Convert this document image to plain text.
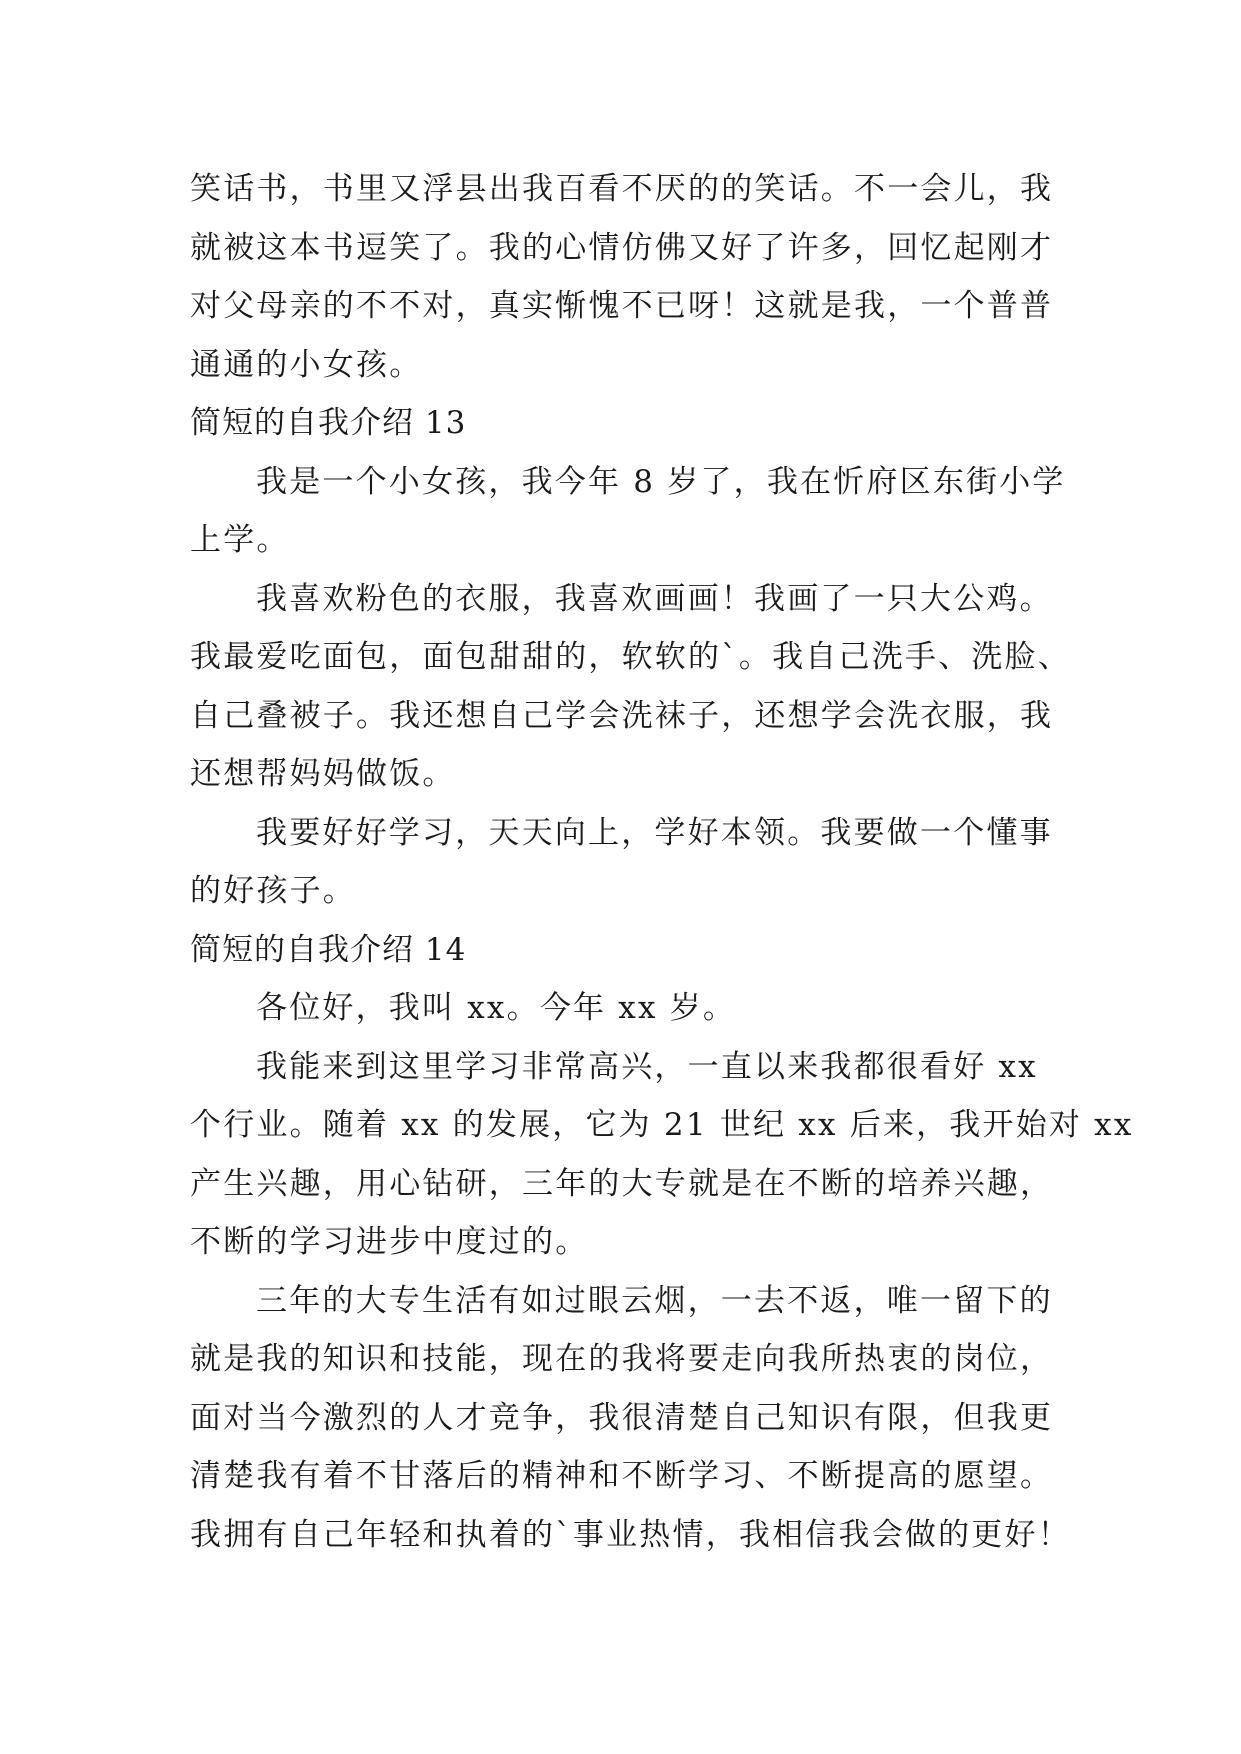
笑话书，书里又浮县出我百看不厌的的笑话。不一会儿，我
就被这本书逗笑了。我的心情仿佛又好了许多，回忆起刚才
对父母亲的不不对，真实惭愧不已呀！这就是我，一个普普
通通的小女孩。
简短的自我介绍 13
我是一个小女孩，我今年 8 岁了，我在忻府区东街小学
上学。
我喜欢粉色的衣服，我喜欢画画！我画了一只大公鸡。
我最爱吃面包，面包甜甜的，软软的`。我自己洗手、洗脸、
自己叠被子。我还想自己学会洗袜子，还想学会洗衣服，我
还想帮妈妈做饭。
我要好好学习，天天向上，学好本领。我要做一个懂事
的好孩子。
简短的自我介绍 14
各位好，我叫 xx。今年 xx 岁。
我能来到这里学习非常高兴，一直以来我都很看好 xx
个行业。随着 xx 的发展，它为 21 世纪 xx 后来，我开始对 xx
产生兴趣，用心钻研，三年的大专就是在不断的培养兴趣，
不断的学习进步中度过的。
三年的大专生活有如过眼云烟，一去不返，唯一留下的
就是我的知识和技能，现在的我将要走向我所热衷的岗位，
面对当今激烈的人才竞争，我很清楚自己知识有限，但我更
清楚我有着不甘落后的精神和不断学习、不断提高的愿望。
我拥有自己年轻和执着的`事业热情，我相信我会做的更好！
